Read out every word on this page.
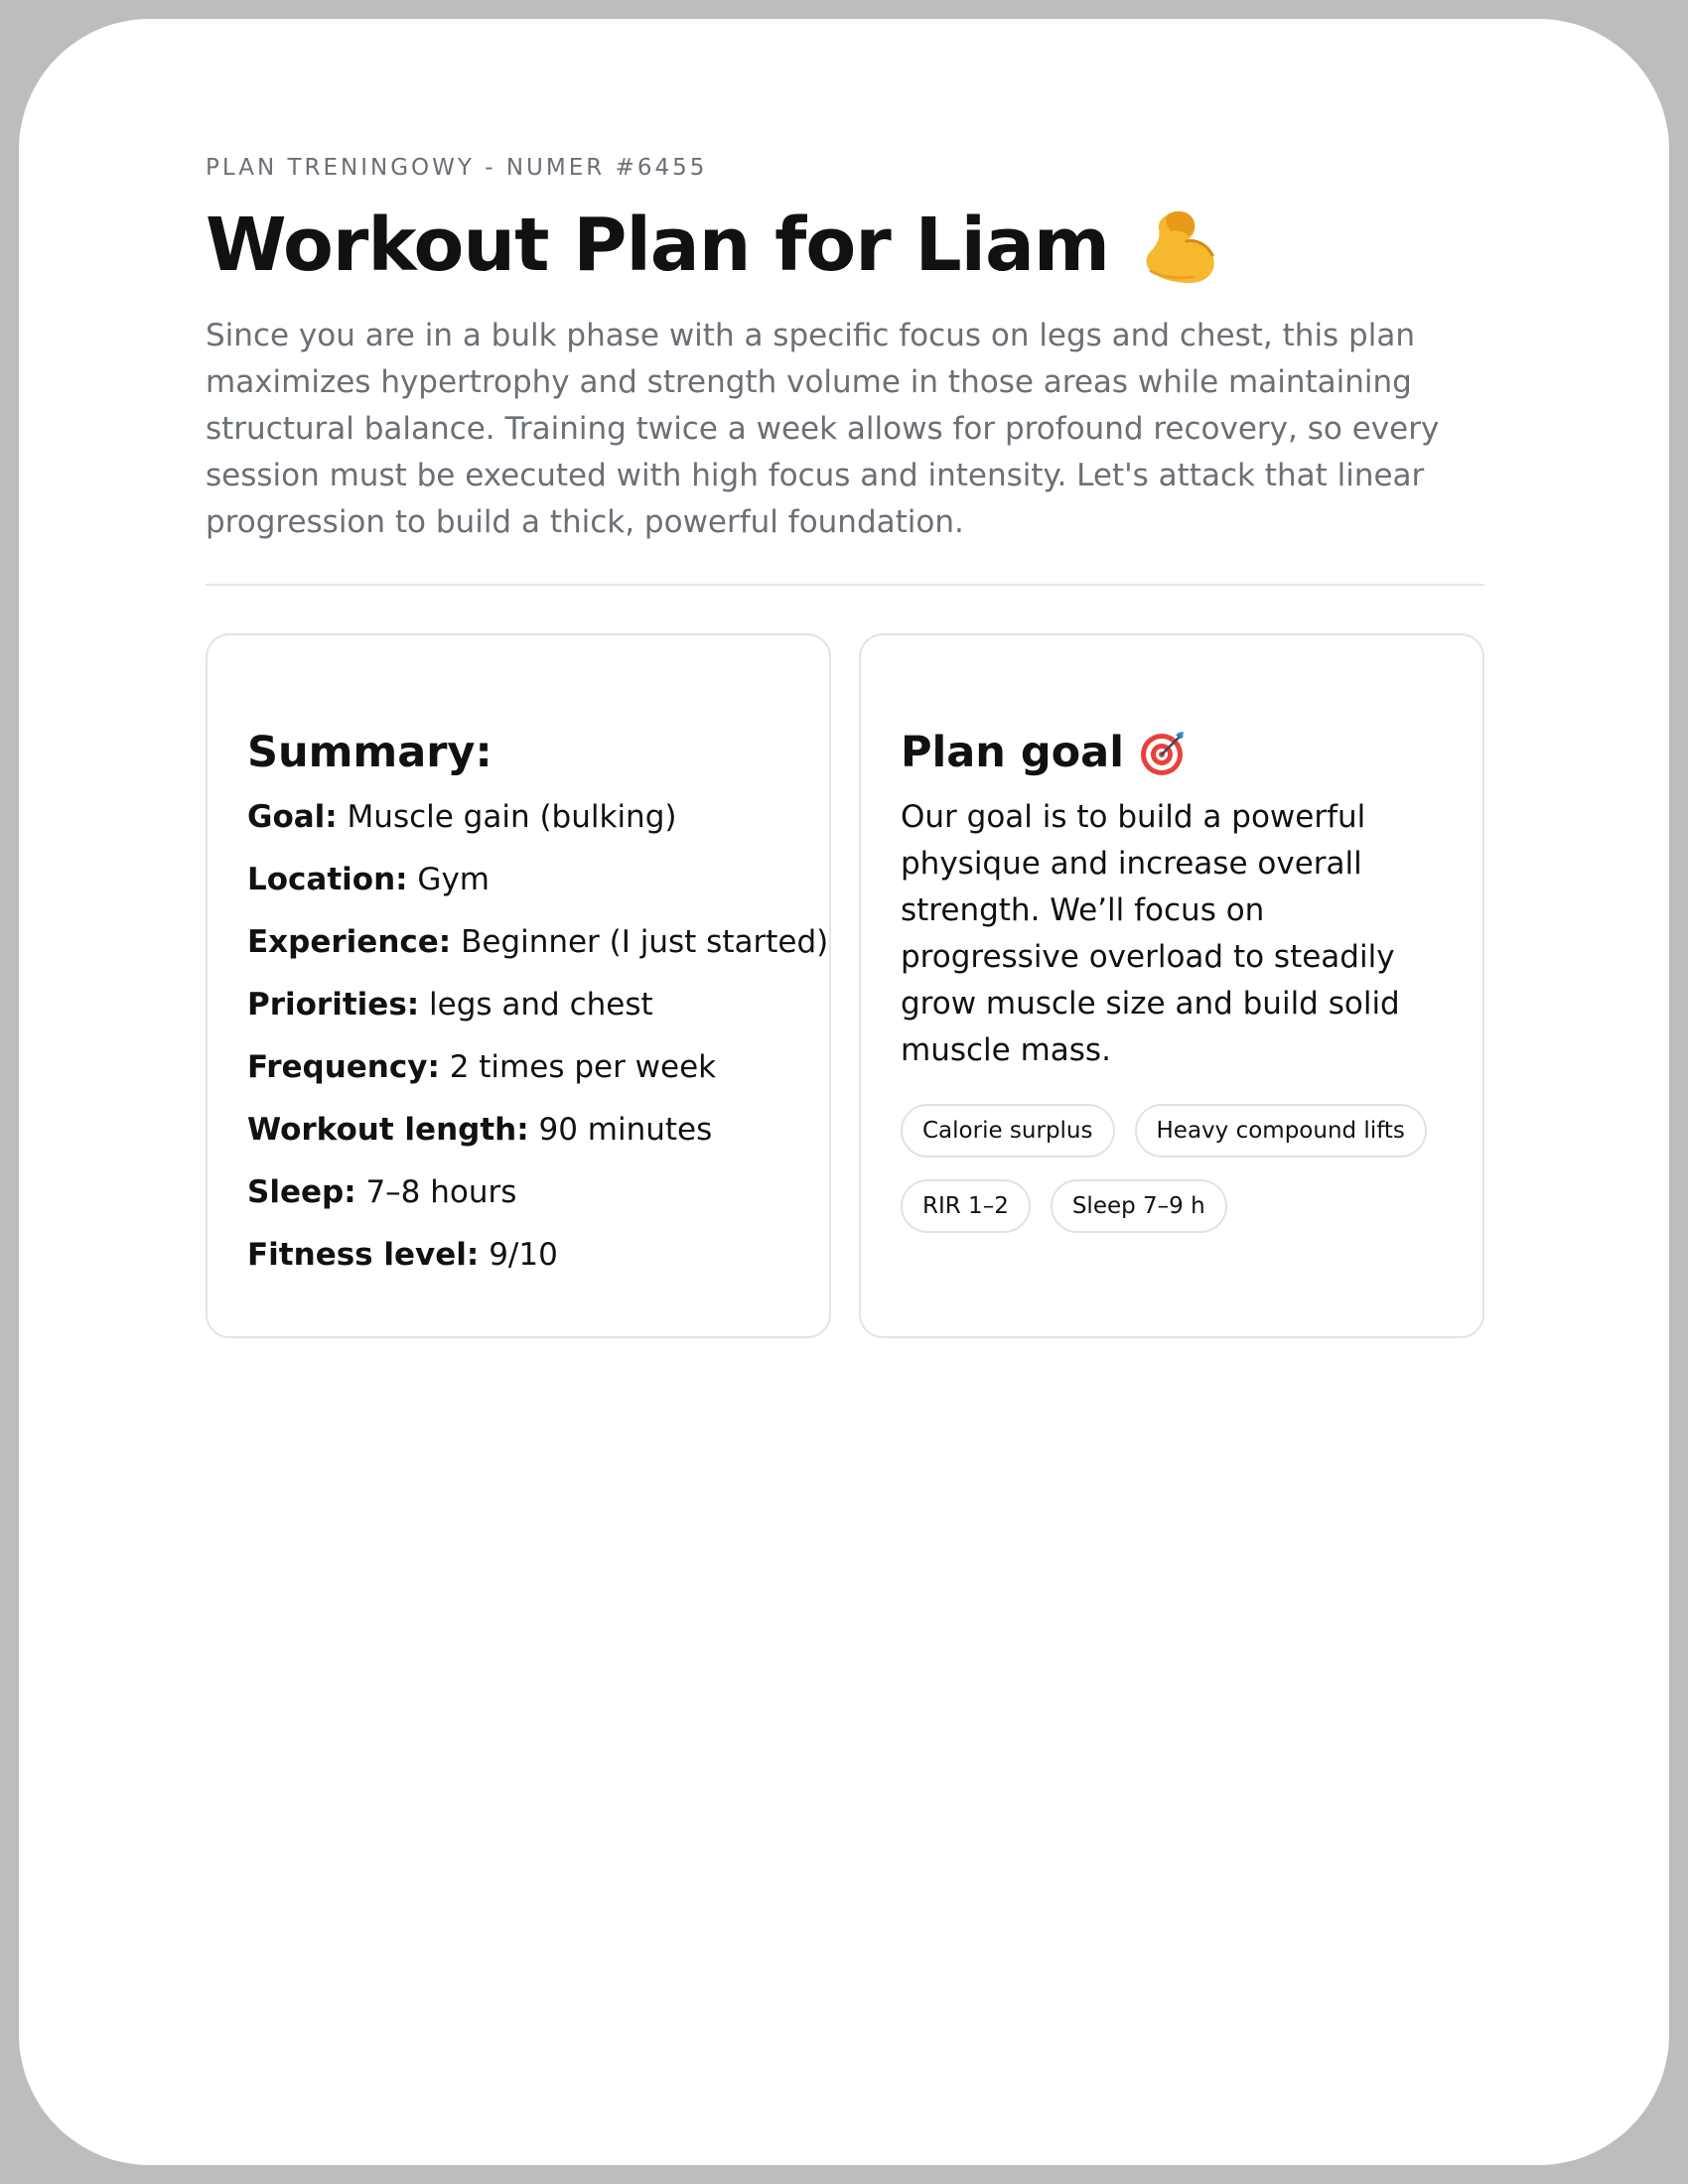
PLAN TRENINGOWY - NUMER #6455
Workout Plan for Liam
Since you are in a bulk phase with a specific focus on legs and chest, this plan maximizes hypertrophy and strength volume in those areas while maintaining structural balance. Training twice a week allows for profound recovery, so every session must be executed with high focus and intensity. Let's attack that linear progression to build a thick, powerful foundation.
Summary:
Goal: Muscle gain (bulking)
Location: Gym
Experience: Beginner (I just started)
Priorities: legs and chest
Frequency: 2 times per week
Workout length: 90 minutes
Sleep: 7–8 hours
Fitness level: 9/10
Plan goal
Our goal is to build a powerful physique and increase overall strength. We’ll focus on progressive overload to steadily grow muscle size and build solid muscle mass.
Calorie surplus	Heavy compound lifts
RIR 1–2	Sleep 7–9 h
